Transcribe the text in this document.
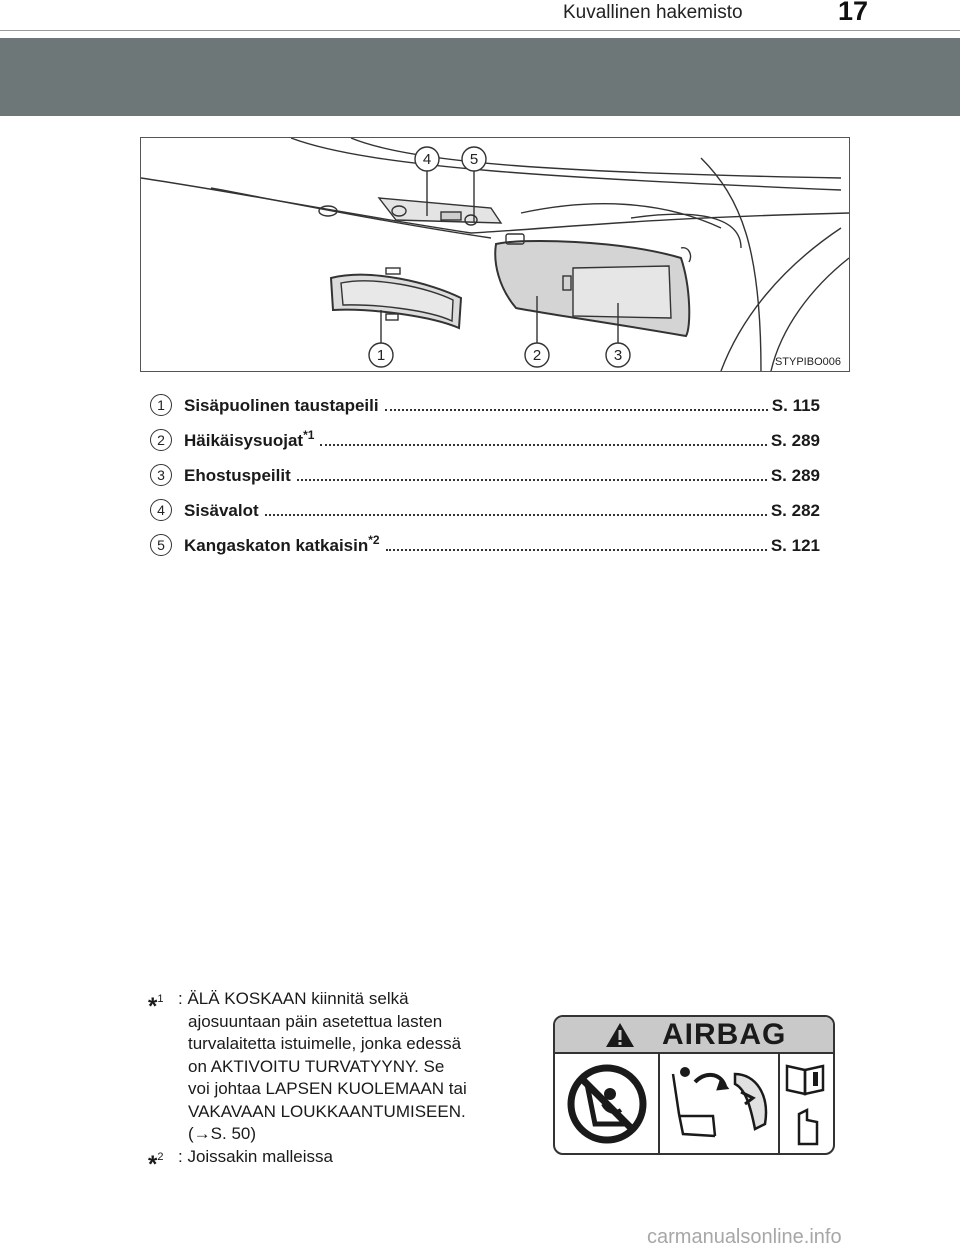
Kuvallinen hakemisto	17
4	5
1	2	3	STYPIBO006
1	Sisäpuolinen taustapeili	S. 115
2	Häikäisysuojat$^{*1}$	S. 289
3	Ehostuspeilit	S. 289
4	Sisävalot	S. 282
5	Kangaskaton katkaisin$^{*2}$	S. 121
*$^1$ : ÄLÄ KOSKAAN kiinnitä selkä
ajosuuntaan päin asetettua lasten
turvalaitetta istuimelle, jonka edessä
on AKTIVOITU TURVATYYNY. Se
voi johtaa LAPSEN KUOLEMAAN tai
VAKAVAAN LOUKKAANTUMISEEN.
(→S. 50)
*$^2$ : Joissakin malleissa
AIRBAG
carmanualsonline.info
